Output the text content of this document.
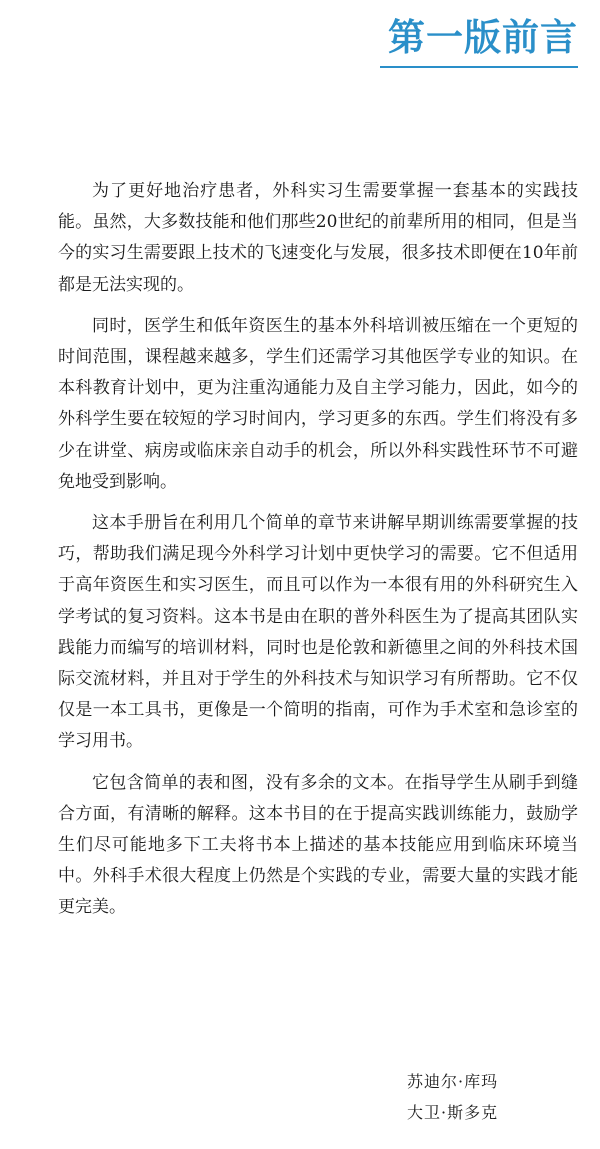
第一版前言

为了更好地治疗患者，外科实习生需要掌握一套基本的实践技能。虽然，大多数技能和他们那些20世纪的前辈所用的相同，但是当今的实习生需要跟上技术的飞速变化与发展，很多技术即便在10年前都是无法实现的。

同时，医学生和低年资医生的基本外科培训被压缩在一个更短的时间范围，课程越来越多，学生们还需学习其他医学专业的知识。在本科教育计划中，更为注重沟通能力及自主学习能力，因此，如今的外科学生要在较短的学习时间内，学习更多的东西。学生们将没有多少在讲堂、病房或临床亲自动手的机会，所以外科实践性环节不可避免地受到影响。

这本手册旨在利用几个简单的章节来讲解早期训练需要掌握的技巧，帮助我们满足现今外科学习计划中更快学习的需要。它不但适用于高年资医生和实习医生，而且可以作为一本很有用的外科研究生入学考试的复习资料。这本书是由在职的普外科医生为了提高其团队实践能力而编写的培训材料，同时也是伦敦和新德里之间的外科技术国际交流材料，并且对于学生的外科技术与知识学习有所帮助。它不仅仅是一本工具书，更像是一个简明的指南，可作为手术室和急诊室的学习用书。

它包含简单的表和图，没有多余的文本。在指导学生从刷手到缝合方面，有清晰的解释。这本书目的在于提高实践训练能力，鼓励学生们尽可能地多下工夫将书本上描述的基本技能应用到临床环境当中。外科手术很大程度上仍然是个实践的专业，需要大量的实践才能更完美。

苏迪尔·库玛
大卫·斯多克
